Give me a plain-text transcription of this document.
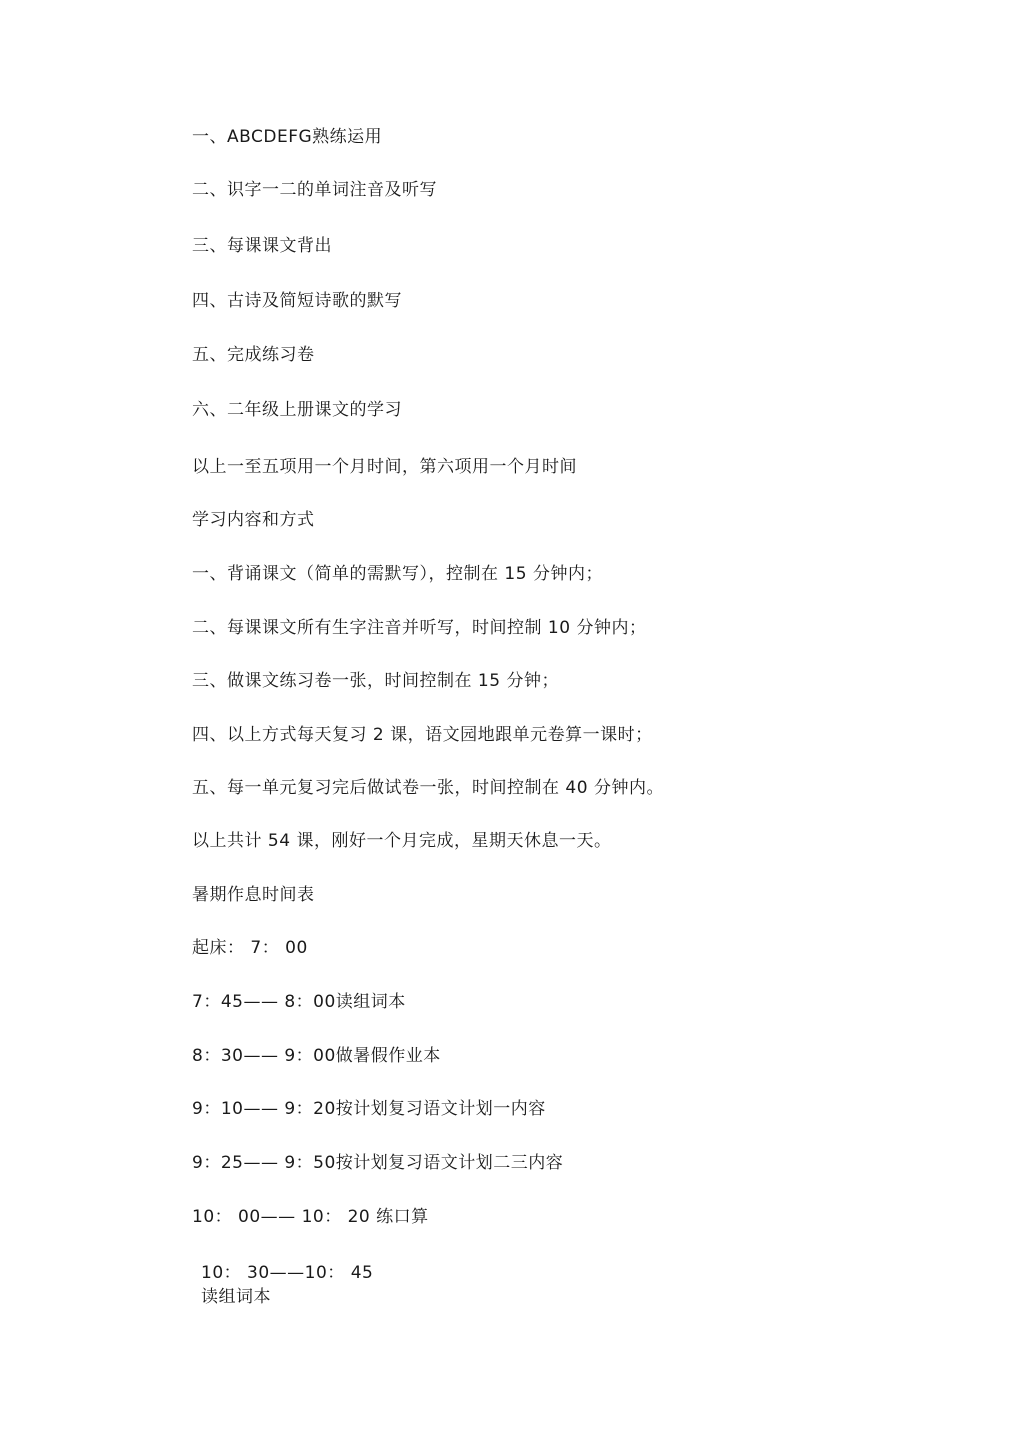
一、ABCDEFG熟练运用
二、识字一二的单词注音及听写
三、每课课文背出
四、古诗及简短诗歌的默写
五、完成练习卷
六、二年级上册课文的学习
以上一至五项用一个月时间，第六项用一个月时间
学习内容和方式
一、背诵课文（简单的需默写），控制在 15 分钟内；
二、每课课文所有生字注音并听写，时间控制 10 分钟内；
三、做课文练习卷一张，时间控制在 15 分钟；
四、以上方式每天复习 2 课，语文园地跟单元卷算一课时；
五、每一单元复习完后做试卷一张，时间控制在 40 分钟内。
以上共计 54 课，刚好一个月完成，星期天休息一天。
暑期作息时间表
起床： 7： 00
7：45—— 8：00读组词本
8：30—— 9：00做暑假作业本
9：10—— 9：20按计划复习语文计划一内容
9：25—— 9：50按计划复习语文计划二三内容
10： 00—— 10： 20 练口算
10： 30——10： 45
读组词本
